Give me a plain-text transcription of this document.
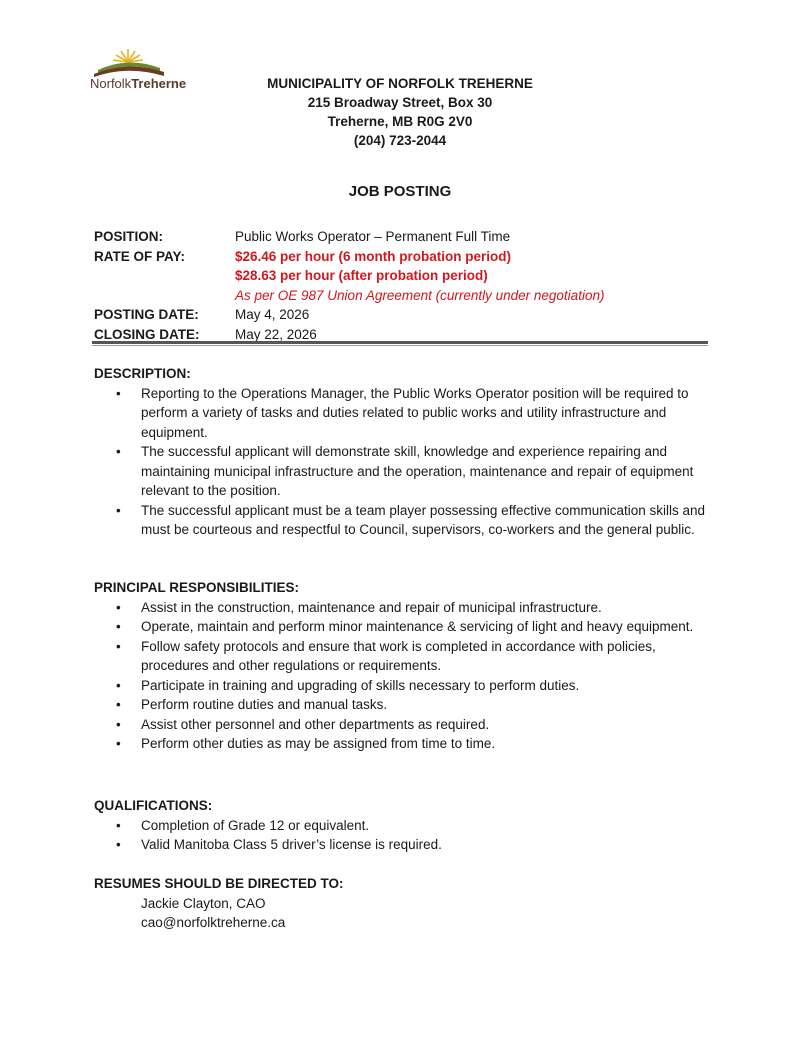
NorfolkTreherne	MUNICIPALITY OF NORFOLK TREHERNE
215 Broadway Street, Box 30
Treherne, MB R0G 2V0
(204) 723-2044
JOB POSTING
POSITION:	Public Works Operator – Permanent Full Time
RATE OF PAY:	$26.46 per hour (6 month probation period)
$28.63 per hour (after probation period)
As per OE 987 Union Agreement (currently under negotiation)
POSTING DATE:	May 4, 2026
CLOSING DATE:	May 22, 2026

DESCRIPTION:

• Reporting to the Operations Manager, the Public Works Operator position will be required to perform a variety of tasks and duties related to public works and utility infrastructure and equipment.
• The successful applicant will demonstrate skill, knowledge and experience repairing and maintaining municipal infrastructure and the operation, maintenance and repair of equipment relevant to the position.
• The successful applicant must be a team player possessing effective communication skills and must be courteous and respectful to Council, supervisors, co-workers and the general public.

PRINCIPAL RESPONSIBILITIES:

• Assist in the construction, maintenance and repair of municipal infrastructure.
• Operate, maintain and perform minor maintenance & servicing of light and heavy equipment.
• Follow safety protocols and ensure that work is completed in accordance with policies, procedures and other regulations or requirements.
• Participate in training and upgrading of skills necessary to perform duties.
• Perform routine duties and manual tasks.
• Assist other personnel and other departments as required.
• Perform other duties as may be assigned from time to time.

QUALIFICATIONS:

• Completion of Grade 12 or equivalent.
• Valid Manitoba Class 5 driver’s license is required.

RESUMES SHOULD BE DIRECTED TO:

Jackie Clayton, CAO
cao@norfolktreherne.ca
